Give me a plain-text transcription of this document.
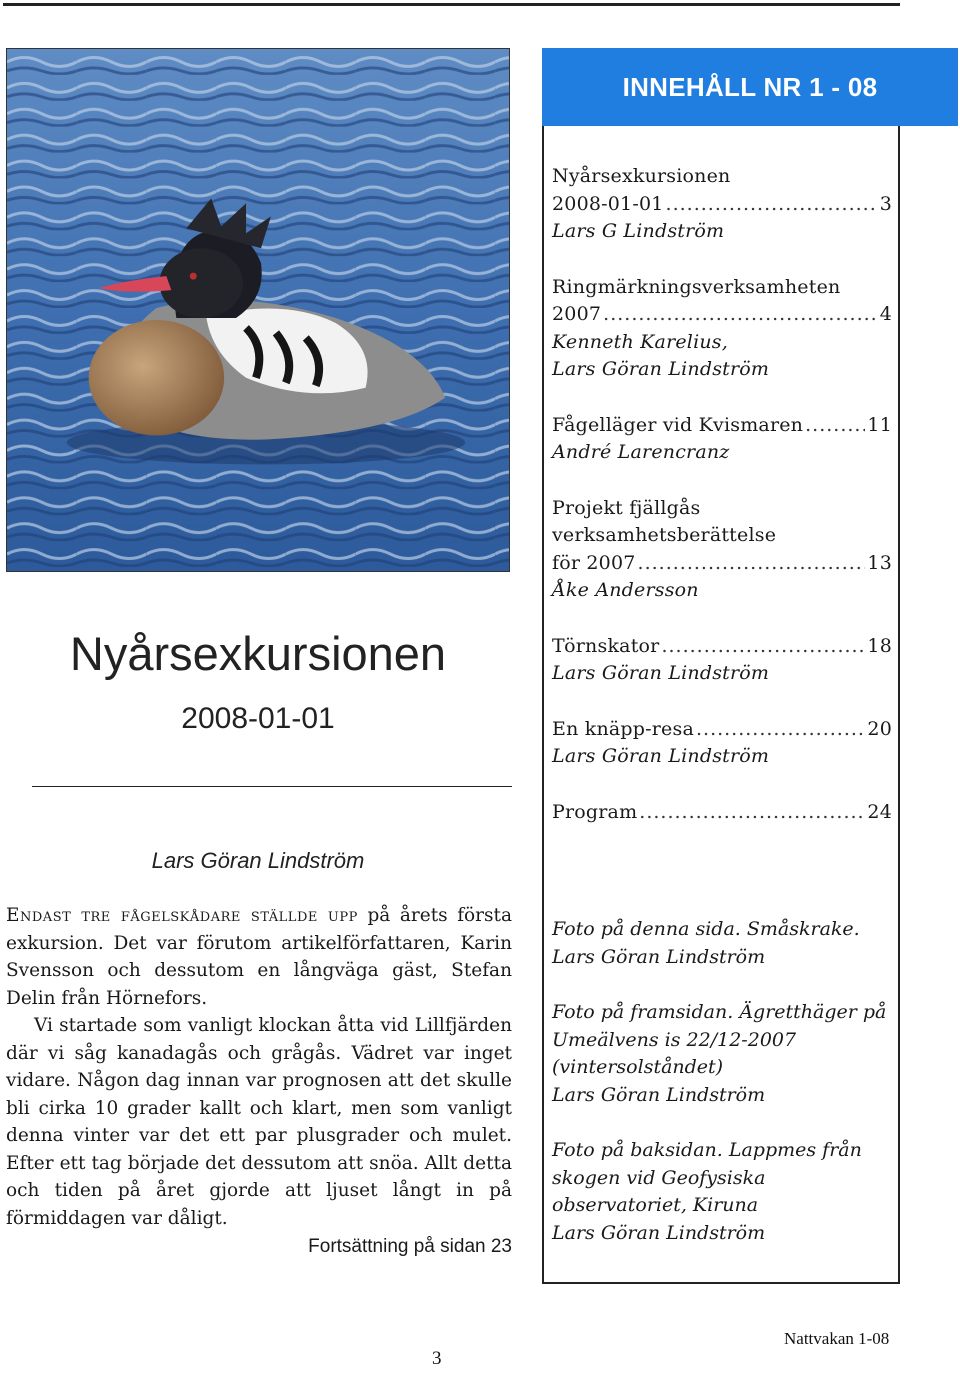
Nyårsexkursionen
2008-01-01
Lars Göran Lindström

Endast tre fågelskådare ställde upp på årets första exkursion. Det var förutom artikelförfattaren, Karin Svensson och dessutom en långväga gäst, Stefan Delin från Hörnefors.

Vi startade som vanligt klockan åtta vid Lillfjärden där vi såg kanadagås och grågås. Vädret var inget vidare. Någon dag innan var prognosen att det skulle bli cirka 10 grader kallt och klart, men som vanligt denna vinter var det ett par plusgrader och mulet. Efter ett tag började det dessutom att snöa. Allt detta och tiden på året gjorde att ljuset långt in på förmiddagen var dåligt.

Fortsättning på sidan 23
INNEHÅLL NR 1 - 08
Nyårsexkursionen
2008-01-01 .....	3
Lars G Lindström
Ringmärkningsverksamheten
2007 .....	4
Kenneth Karelius,
Lars Göran Lindström
Fågelläger vid Kvismaren .....	11
André Larencranz
Projekt fjällgås
verksamhetsberättelse
för 2007 .....	13
Åke Andersson
Törnskator .....	18
Lars Göran Lindström
En knäpp-resa .....	20
Lars Göran Lindström
Program .....	24
Foto på denna sida. Småskrake.
Lars Göran Lindström
Foto på framsidan. Ägretthäger på Umeälvens is 22/12-2007 (vintersolståndet)
Lars Göran Lindström
Foto på baksidan. Lappmes från skogen vid Geofysiska observatoriet, Kiruna
Lars Göran Lindström
3
Nattvakan 1-08
